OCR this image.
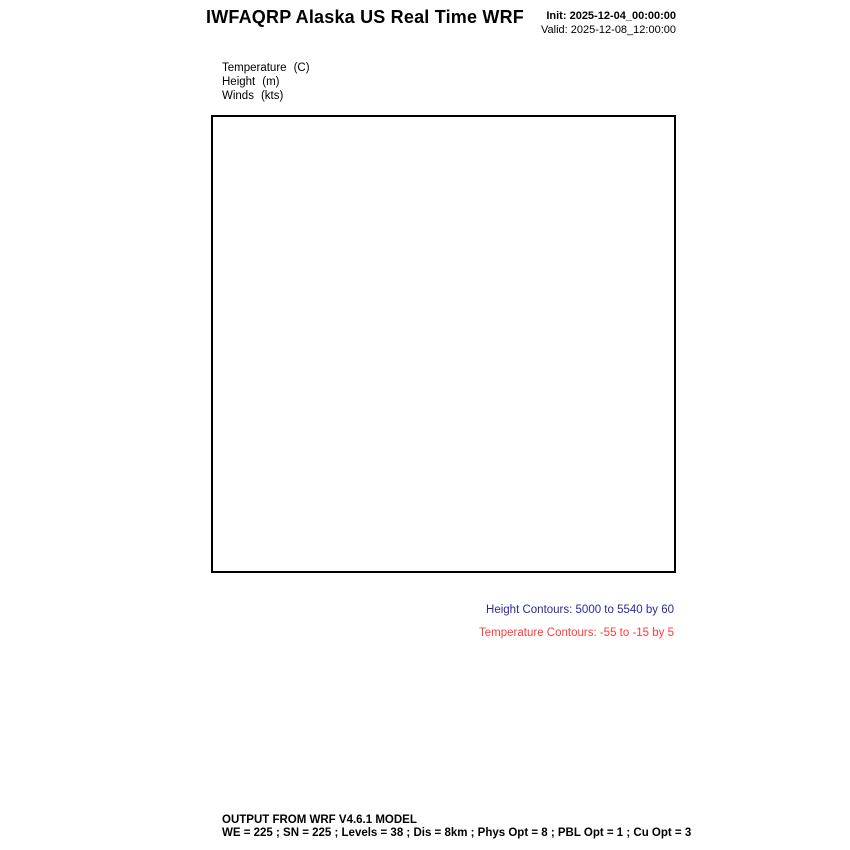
IWFAQRP Alaska US Real Time WRF	Init: 2025-12-04_00:00:00
Valid: 2025-12-08_12:00:00
Temperature (C)
Height (m)
Winds (kts)
Height Contours: 5000 to 5540 by 60
Temperature Contours: -55 to -15 by 5
OUTPUT FROM WRF V4.6.1 MODEL
WE = 225 ; SN = 225 ; Levels = 38 ; Dis = 8km ; Phys Opt = 8 ; PBL Opt = 1 ; Cu Opt = 3
